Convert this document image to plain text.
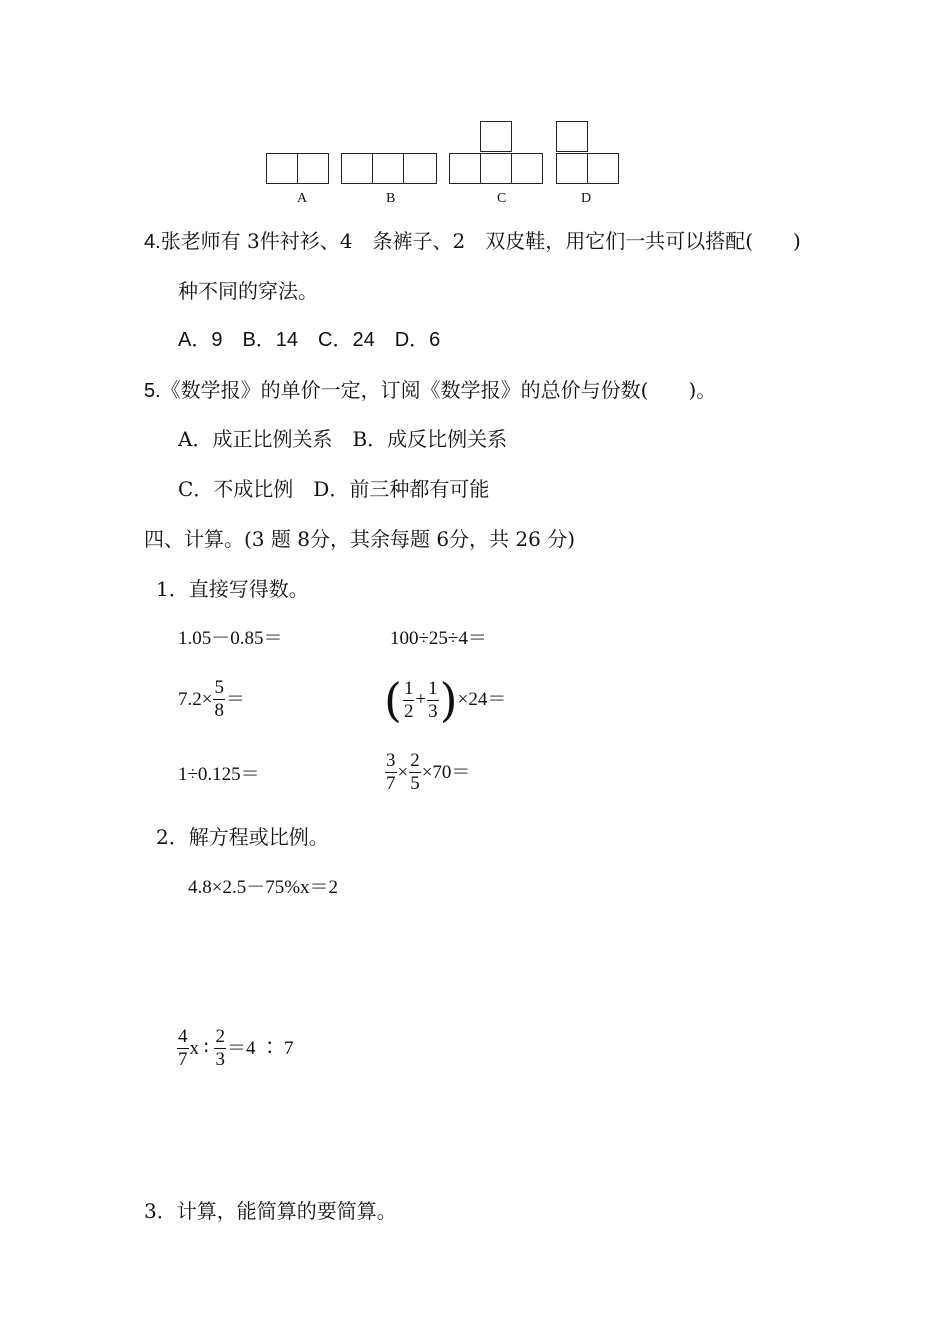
A	B	C	D
4.张老师有 3件衬衫、4　条裤子、2　双皮鞋，用它们一共可以搭配(　　)
种不同的穿法。
A．9　B．14　C．24　D．6
5.《数学报》的单价一定，订阅《数学报》的总价与份数(　　)。
A．成正比例关系　B．成反比例关系
C．不成比例　D．前三种都有可能
四、计算。(3 题 8分，其余每题 6分，共 26 分)
1．直接写得数。
1.05－0.85＝	100÷25÷4＝
$7.2\times \frac{5}{8}$ ＝	( $\frac{1}{2} + \frac{1}{3}$ ) ×24＝
1÷0.125＝	$\frac{3}{7} \times \frac{2}{5} \times 70=$
2．解方程或比例。
4.8×2.5－75%x＝2
$\frac{4}{7}$ x ∶ $\frac{2}{3} =4$ ∶ 7
3．计算，能简算的要简算。
